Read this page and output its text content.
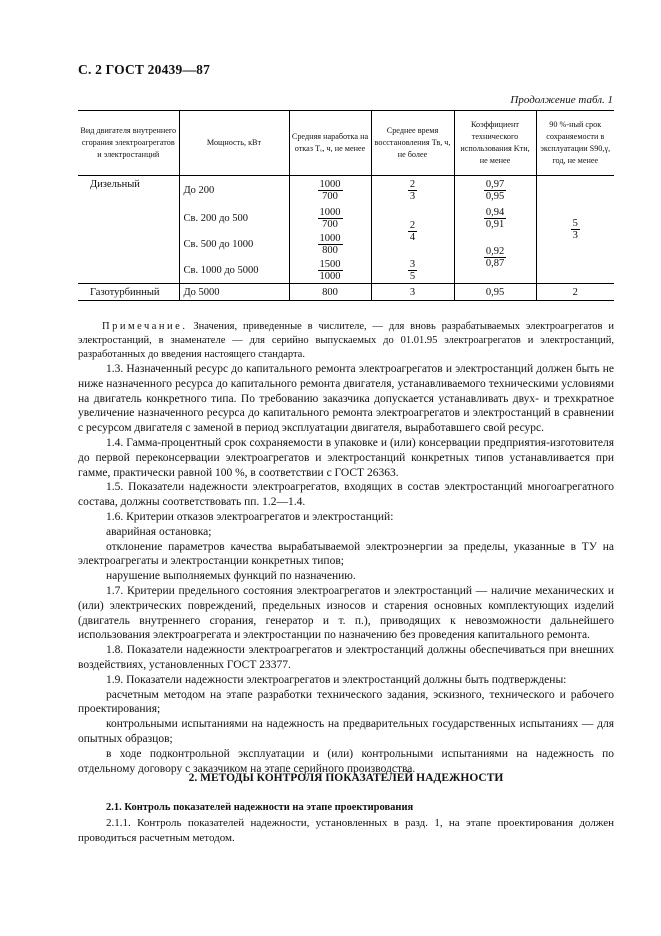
С. 2 ГОСТ 20439—87
Продолжение табл. 1
Вид двигателя внутреннего сгорания электроагрегатов и электростанций	Мощность, кВт	Средняя наработка на отказ Тₒ, ч, не менее	Среднее время восстановления Тв, ч, не более	Коэффициент технического использования Kти, не менее	90 %-ный срок сохраняемости в эксплуатации S90,γ, год, не менее
Дизельный	До 200	$\frac{1000}{700}$	$\frac{2}{3}$	$\frac{0,97}{0,95}$	$\frac{5}{3}$

	Св. 200 до 500	$\frac{1000}{700}$	$\frac{2}{4}$	$\frac{0,94}{0,91}$

	Св. 500 до 1000	$\frac{1000}{800}$		$\frac{0,92}{0,87}$

	Св. 1000 до 5000	$\frac{1500}{1000}$	$\frac{3}{5}$

Газотурбинный	До 5000	800	3	0,95	2

Примечание. Значения, приведенные в числителе, — для вновь разрабатываемых электроагрегатов и электростанций, в знаменателе — для серийно выпускаемых до 01.01.95 электроагрегатов и электростанций, разработанных до введения настоящего стандарта.

1.3. Назначенный ресурс до капитального ремонта электроагрегатов и электростанций должен быть не ниже назначенного ресурса до капитального ремонта двигателя, устанавливаемого техническими условиями на двигатель конкретного типа. По требованию заказчика допускается устанавливать двух- и трехкратное увеличение назначенного ресурса до капитального ремонта электроагрегатов и электростанций в сравнении с ресурсом двигателя с заменой в период эксплуатации двигателя, выработавшего свой ресурс.

1.4. Гамма-процентный срок сохраняемости в упаковке и (или) консервации предприятия-изготовителя до первой переконсервации электроагрегатов и электростанций конкретных типов устанавливается при гамме, практически равной 100 %, в соответствии с ГОСТ 26363.

1.5. Показатели надежности электроагрегатов, входящих в состав электростанций многоагрегатного состава, должны соответствовать пп. 1.2—1.4.

1.6. Критерии отказов электроагрегатов и электростанций:

аварийная остановка;

отклонение параметров качества вырабатываемой электроэнергии за пределы, указанные в ТУ на электроагрегаты и электростанции конкретных типов;

нарушение выполняемых функций по назначению.

1.7. Критерии предельного состояния электроагрегатов и электростанций — наличие механических и (или) электрических повреждений, предельных износов и старения основных комплектующих изделий (двигатель внутреннего сгорания, генератор и т. п.), приводящих к невозможности дальнейшего использования электроагрегата и электростанции по назначению без проведения капитального ремонта.

1.8. Показатели надежности электроагрегатов и электростанций должны обеспечиваться при внешних воздействиях, установленных ГОСТ 23377.

1.9. Показатели надежности электроагрегатов и электростанций должны быть подтверждены:

расчетным методом на этапе разработки технического задания, эскизного, технического и рабочего проектирования;

контрольными испытаниями на надежность на предварительных государственных испытаниях — для опытных образцов;

в ходе подконтрольной эксплуатации и (или) контрольными испытаниями на надежность по отдельному договору с заказчиком на этапе серийного производства.

2. МЕТОДЫ КОНТРОЛЯ ПОКАЗАТЕЛЕЙ НАДЕЖНОСТИ

2.1. Контроль показателей надежности на этапе проектирования

2.1.1. Контроль показателей надежности, установленных в разд. 1, на этапе проектирования должен проводиться расчетным методом.
